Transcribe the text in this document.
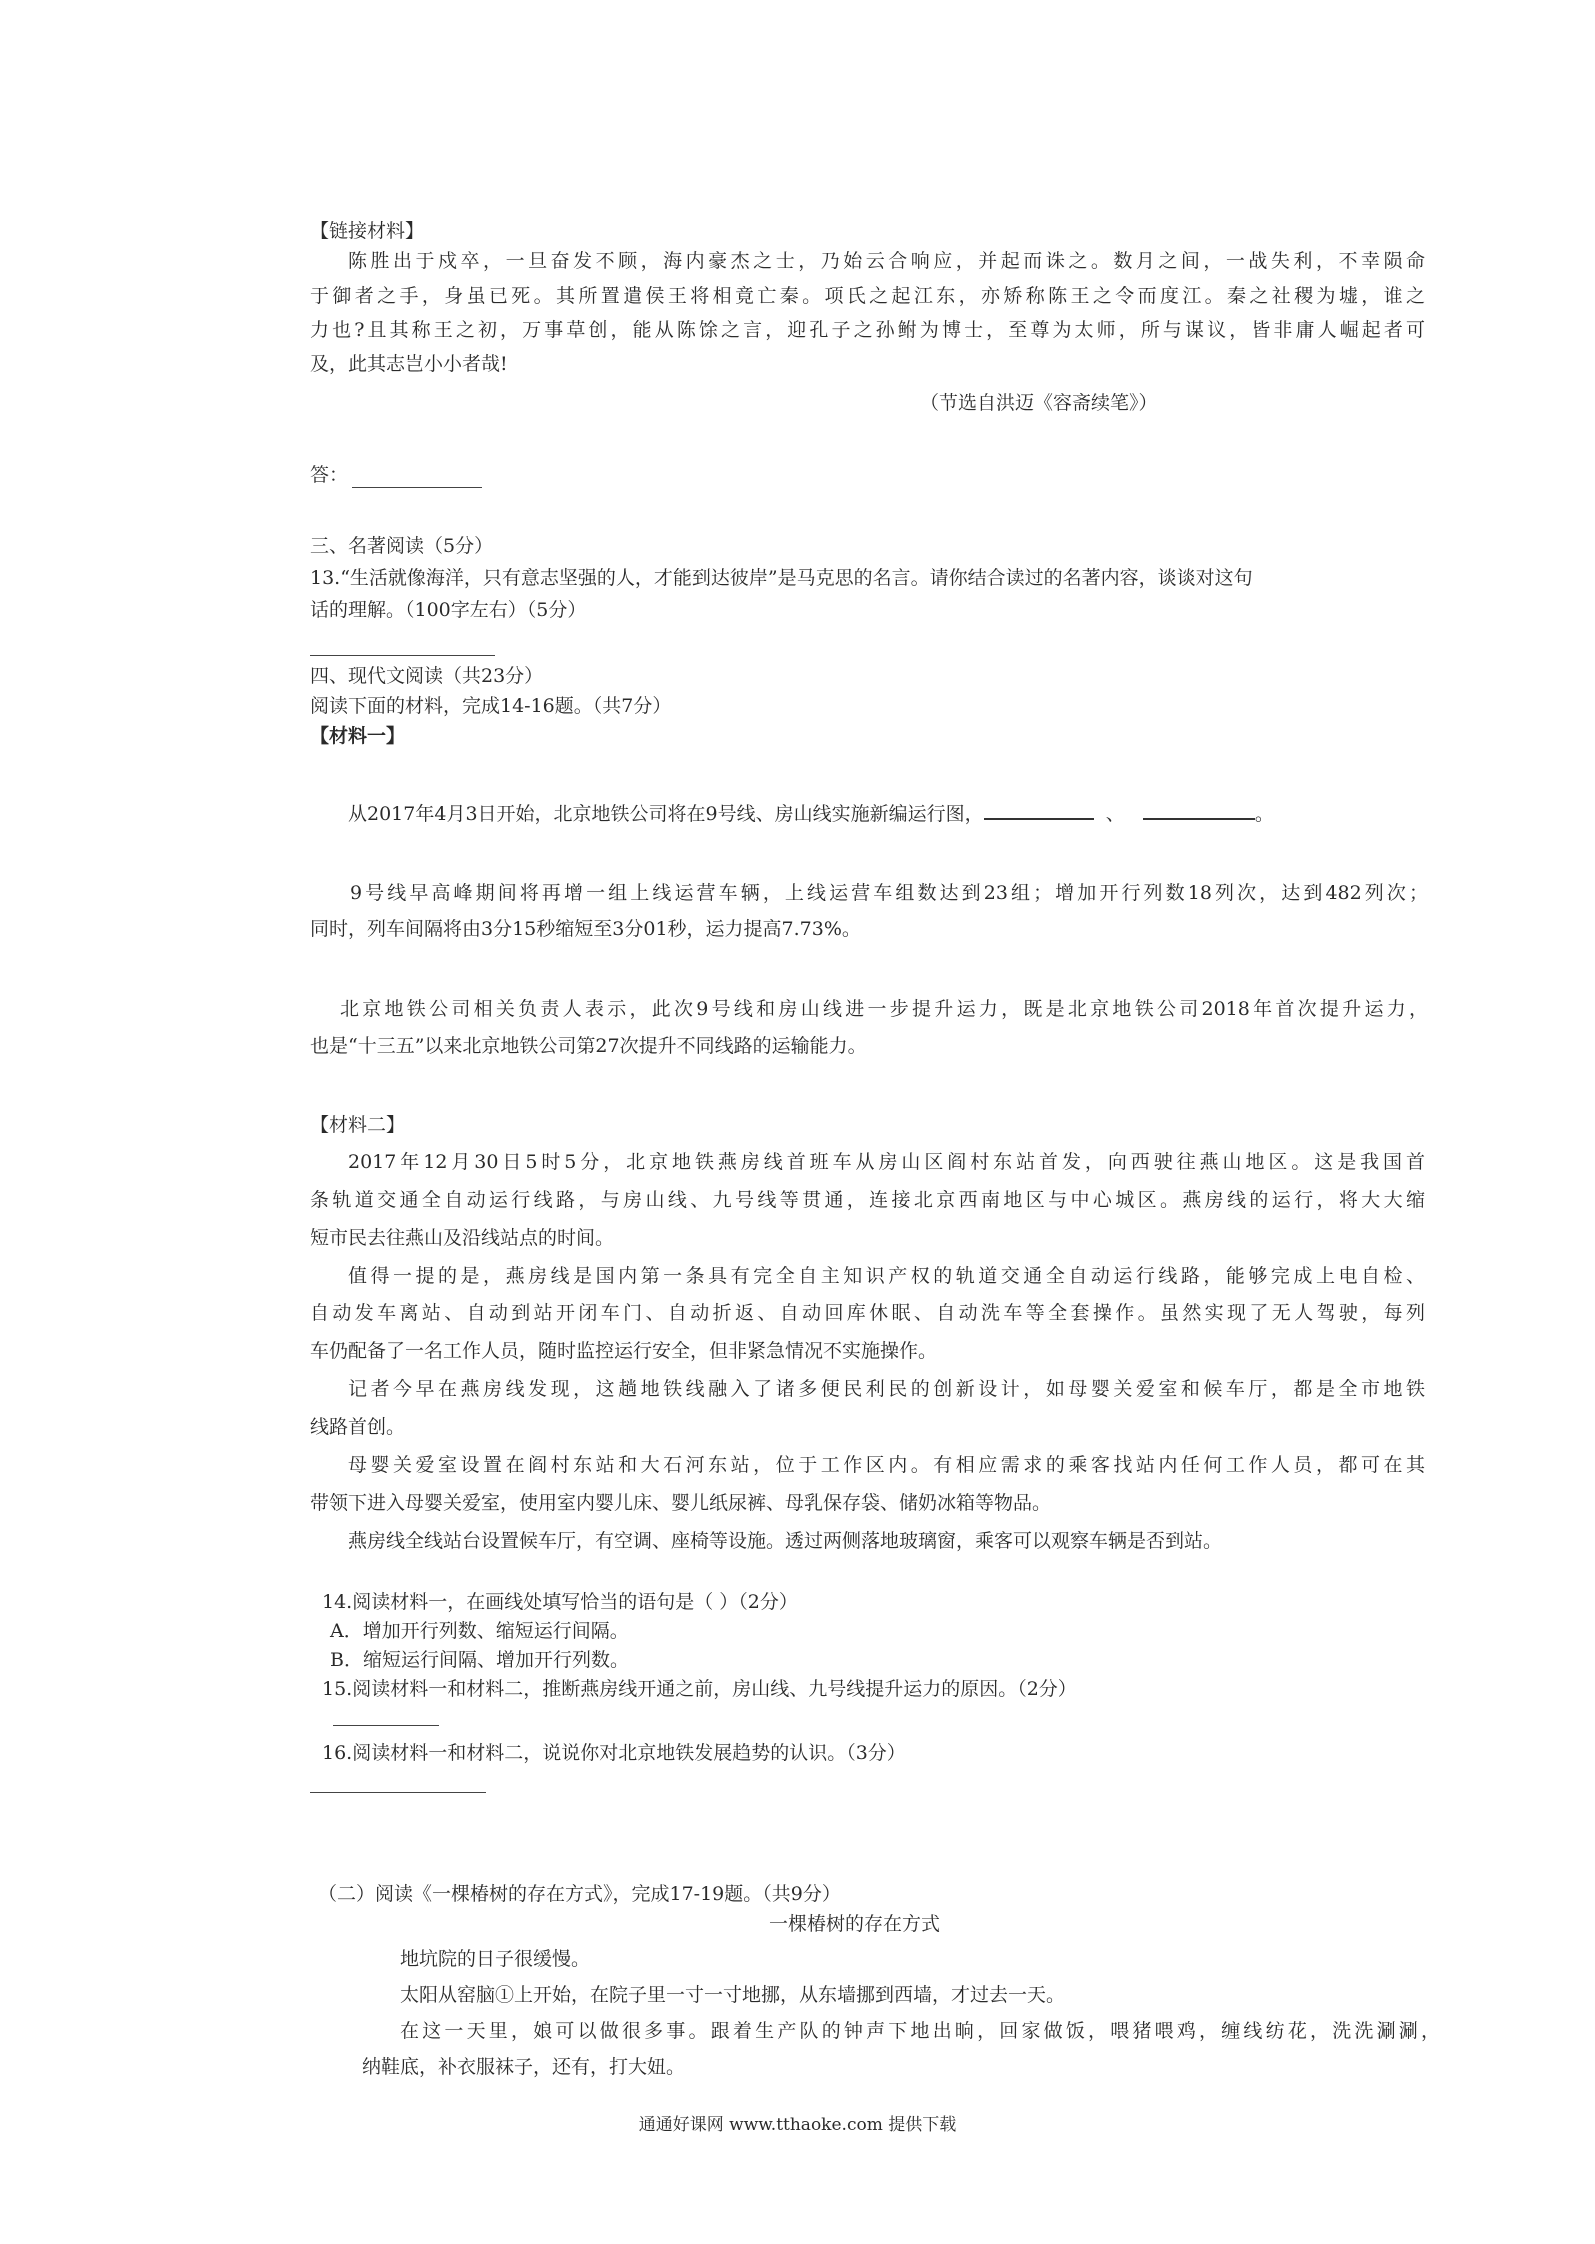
【链接材料】
陈胜出于戍卒，一旦奋发不顾，海内豪杰之士，乃始云合响应，并起而诛之。数月之间，一战失利，不幸陨命
于御者之手，身虽已死。其所置遣侯王将相竟亡秦。项氏之起江东，亦矫称陈王之令而度江。秦之社稷为墟，谁之
力也?且其称王之初，万事草创，能从陈馀之言，迎孔子之孙鲋为博士，至尊为太师，所与谋议，皆非庸人崛起者可
及，此其志岂小小者哉!
（节选自洪迈《容斋续笔》）
答：
三、名著阅读（5分）
13.“生活就像海洋，只有意志坚强的人，才能到达彼岸”是马克思的名言。请你结合读过的名著内容，谈谈对这句
话的理解。（100字左右）（5分）
四、现代文阅读（共23分）
阅读下面的材料，完成14-16题。（共7分）
【材料一】
从2017年4月3日开始，北京地铁公司将在9号线、房山线实施新编运行图，	、	。
9号线早高峰期间将再增一组上线运营车辆，上线运营车组数达到23组；增加开行列数18列次，达到482列次；
同时，列车间隔将由3分15秒缩短至3分01秒，运力提高7.73%。
北京地铁公司相关负责人表示，此次9号线和房山线进一步提升运力，既是北京地铁公司2018年首次提升运力，
也是“十三五”以来北京地铁公司第27次提升不同线路的运输能力。
【材料二】
2017年12月30日5时5分，北京地铁燕房线首班车从房山区阎村东站首发，向西驶往燕山地区。这是我国首
条轨道交通全自动运行线路，与房山线、九号线等贯通，连接北京西南地区与中心城区。燕房线的运行，将大大缩
短市民去往燕山及沿线站点的时间。
值得一提的是，燕房线是国内第一条具有完全自主知识产权的轨道交通全自动运行线路，能够完成上电自检、
自动发车离站、自动到站开闭车门、自动折返、自动回库休眠、自动洗车等全套操作。虽然实现了无人驾驶，每列
车仍配备了一名工作人员，随时监控运行安全，但非紧急情况不实施操作。
记者今早在燕房线发现，这趟地铁线融入了诸多便民利民的创新设计，如母婴关爱室和候车厅，都是全市地铁
线路首创。
母婴关爱室设置在阎村东站和大石河东站，位于工作区内。有相应需求的乘客找站内任何工作人员，都可在其
带领下进入母婴关爱室，使用室内婴儿床、婴儿纸尿裤、母乳保存袋、储奶冰箱等物品。
燕房线全线站台设置候车厅，有空调、座椅等设施。透过两侧落地玻璃窗，乘客可以观察车辆是否到站。
14.阅读材料一，在画线处填写恰当的语句是（ ）（2分）
A．增加开行列数、缩短运行间隔。
B．缩短运行间隔、增加开行列数。
15.阅读材料一和材料二，推断燕房线开通之前，房山线、九号线提升运力的原因。（2分）
16.阅读材料一和材料二，说说你对北京地铁发展趋势的认识。（3分）
（二）阅读《一棵椿树的存在方式》，完成17-19题。（共9分）
一棵椿树的存在方式
地坑院的日子很缓慢。
太阳从窑脑①上开始，在院子里一寸一寸地挪，从东墙挪到西墙，才过去一天。
在这一天里，娘可以做很多事。跟着生产队的钟声下地出晌，回家做饭，喂猪喂鸡，缠线纺花，洗洗涮涮，
纳鞋底，补衣服袜子，还有，打大妞。
通通好课网 www.tthaoke.com 提供下载
